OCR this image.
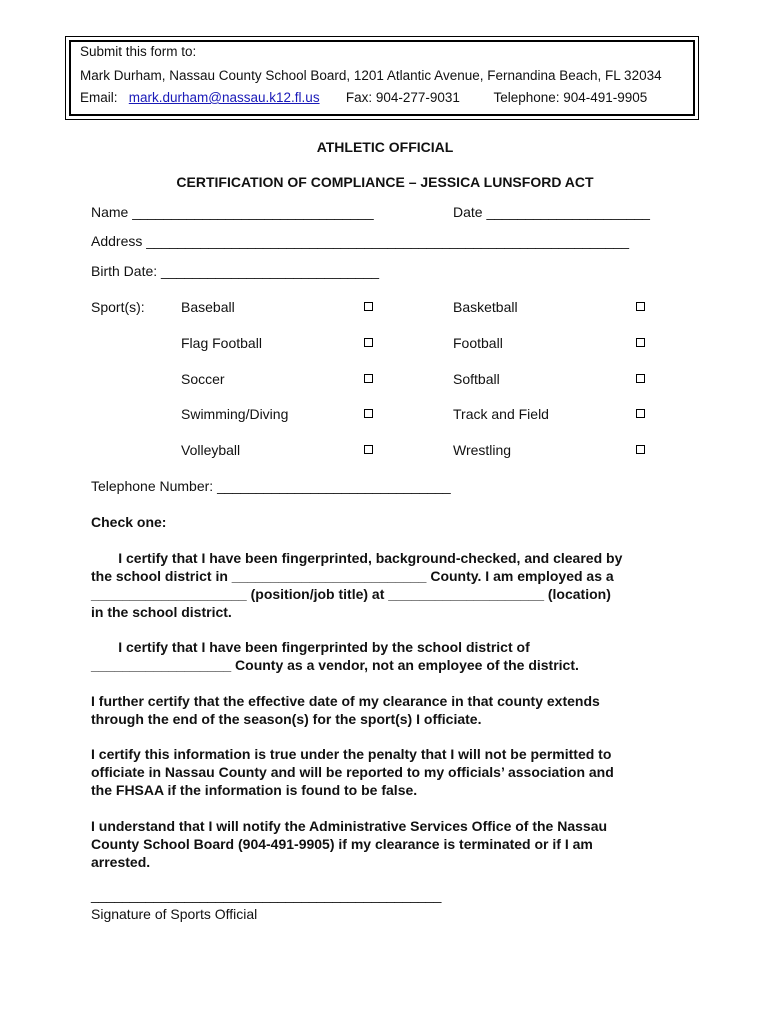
Submit this form to:
Mark Durham, Nassau County School Board, 1201 Atlantic Avenue, Fernandina Beach, FL 32034
Email: mark.durham@nassau.k12.fl.us Fax: 904-277-9031 Telephone: 904-491-9905
ATHLETIC OFFICIAL
CERTIFICATION OF COMPLIANCE – JESSICA LUNSFORD ACT
Name _______________________________	Date _____________________
Address ______________________________________________________________
Birth Date: ____________________________
Sport(s):	Baseball	Basketball
Flag Football	Football
Soccer	Softball
Swimming/Diving	Track and Field
Volleyball	Wrestling
Telephone Number: ______________________________
Check one:
I certify that I have been fingerprinted, background-checked, and cleared by
the school district in _________________________ County. I am employed as a
____________________ (position/job title) at ____________________ (location)
in the school district.
I certify that I have been fingerprinted by the school district of
__________________ County as a vendor, not an employee of the district.
I further certify that the effective date of my clearance in that county extends
through the end of the season(s) for the sport(s) I officiate.
I certify this information is true under the penalty that I will not be permitted to
officiate in Nassau County and will be reported to my officials’ association and
the FHSAA if the information is found to be false.
I understand that I will notify the Administrative Services Office of the Nassau
County School Board (904-491-9905) if my clearance is terminated or if I am
arrested.
_____________________________________________
Signature of Sports Official
